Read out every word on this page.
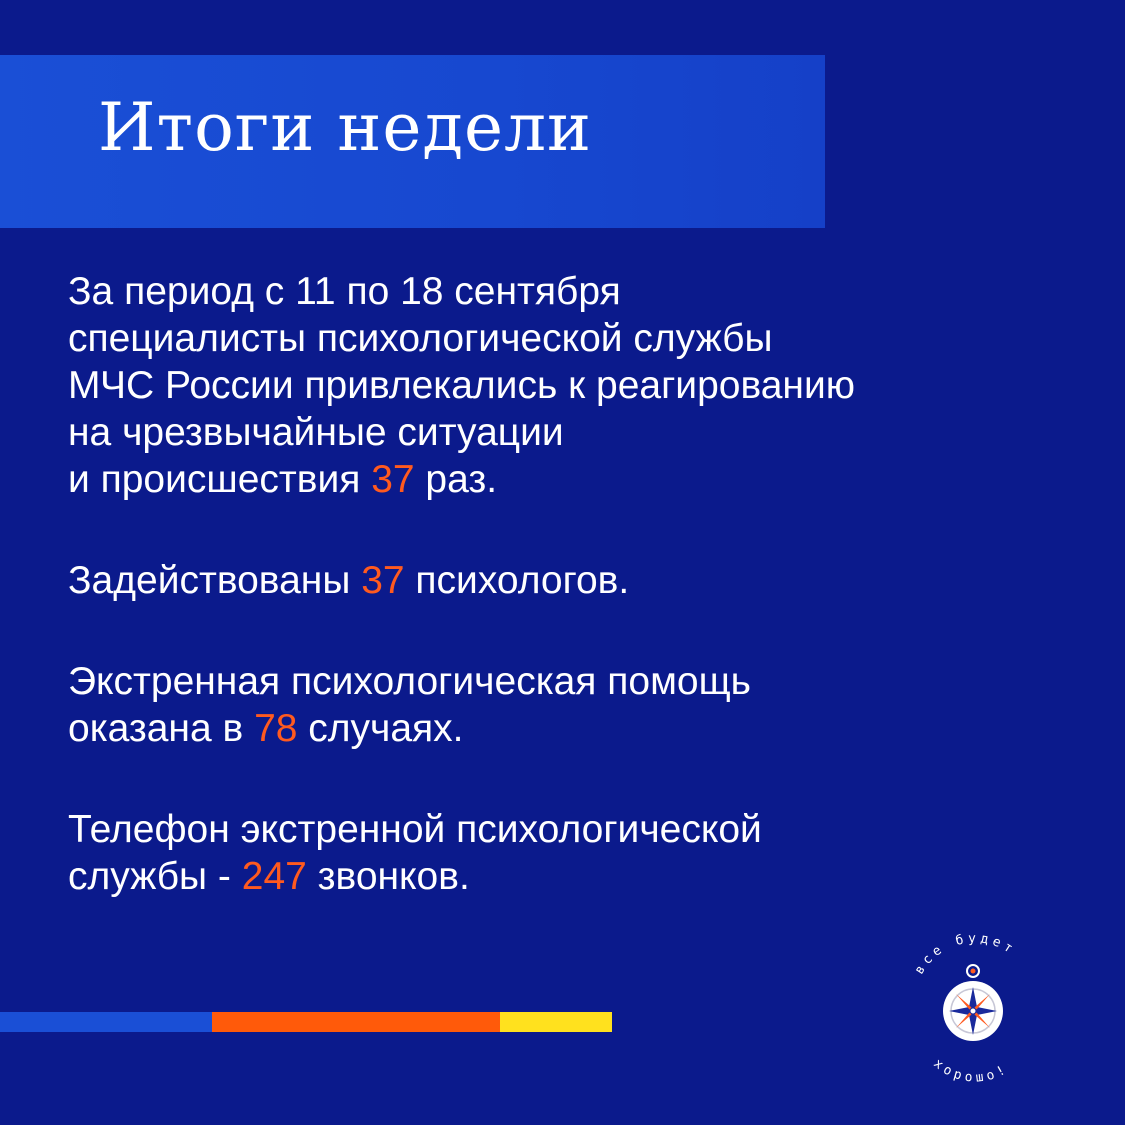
Итоги недели

За период с 11 по 18 сентября
специалисты психологической службы
МЧС России привлекались к реагированию
на чрезвычайные ситуации
и происшествия 37 раз.

Задействованы 37 психологов.

Экстренная психологическая помощь
оказана в 78 случаях.

Телефон экстренной психологической
службы - 247 звонков.

все будет
хорошо!
